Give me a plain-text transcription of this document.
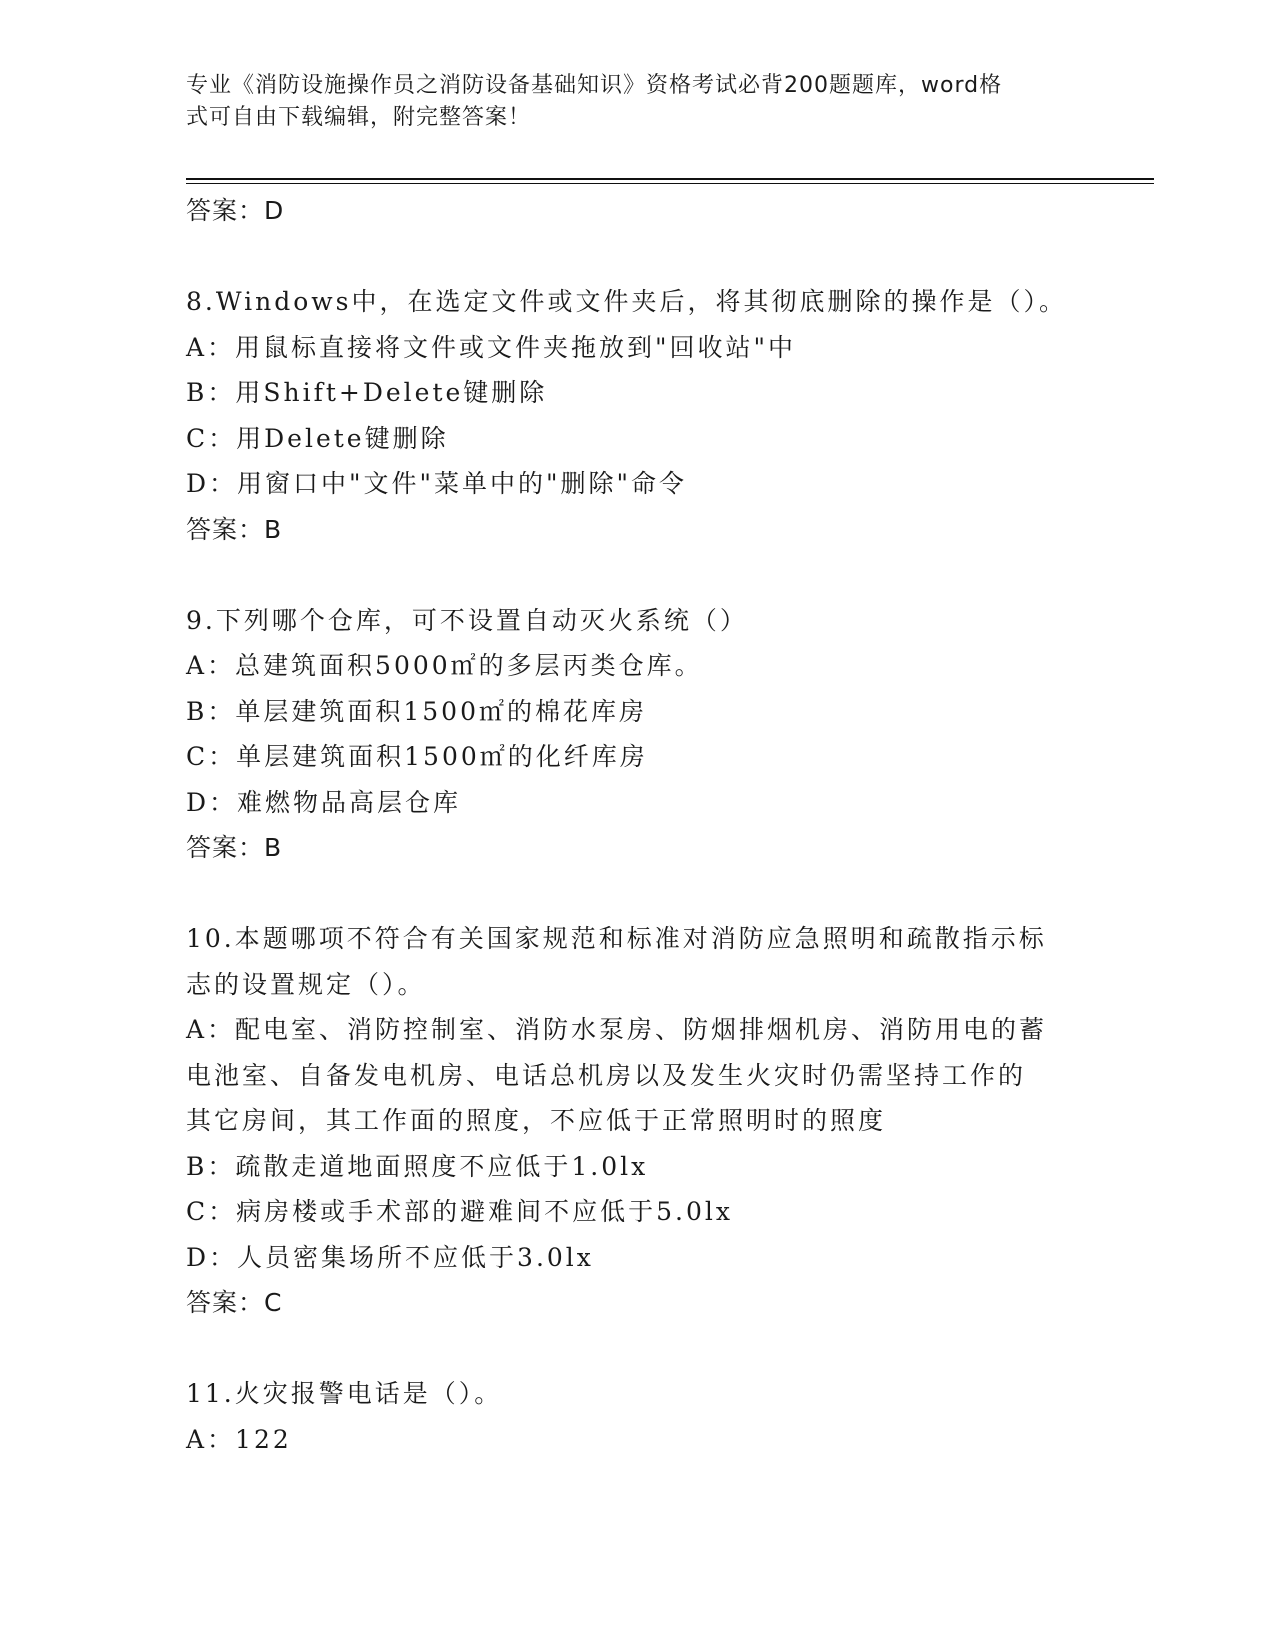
专业《消防设施操作员之消防设备基础知识》资格考试必背200题题库，word格
式可自由下载编辑，附完整答案！
答案：D
8.Windows中，在选定文件或文件夹后，将其彻底删除的操作是（）。
A：用鼠标直接将文件或文件夹拖放到"回收站"中
B：用Shift+Delete键删除
C：用Delete键删除
D：用窗口中"文件"菜单中的"删除"命令
答案：B
9.下列哪个仓库，可不设置自动灭火系统（）
A：总建筑面积5000㎡的多层丙类仓库。
B：单层建筑面积1500㎡的棉花库房
C：单层建筑面积1500㎡的化纤库房
D：难燃物品高层仓库
答案：B
10.本题哪项不符合有关国家规范和标准对消防应急照明和疏散指示标
志的设置规定（）。
A：配电室、消防控制室、消防水泵房、防烟排烟机房、消防用电的蓄
电池室、自备发电机房、电话总机房以及发生火灾时仍需坚持工作的
其它房间，其工作面的照度，不应低于正常照明时的照度
B：疏散走道地面照度不应低于1.0lx
C：病房楼或手术部的避难间不应低于5.0lx
D：人员密集场所不应低于3.0lx
答案：C
11.火灾报警电话是（）。
A：122
